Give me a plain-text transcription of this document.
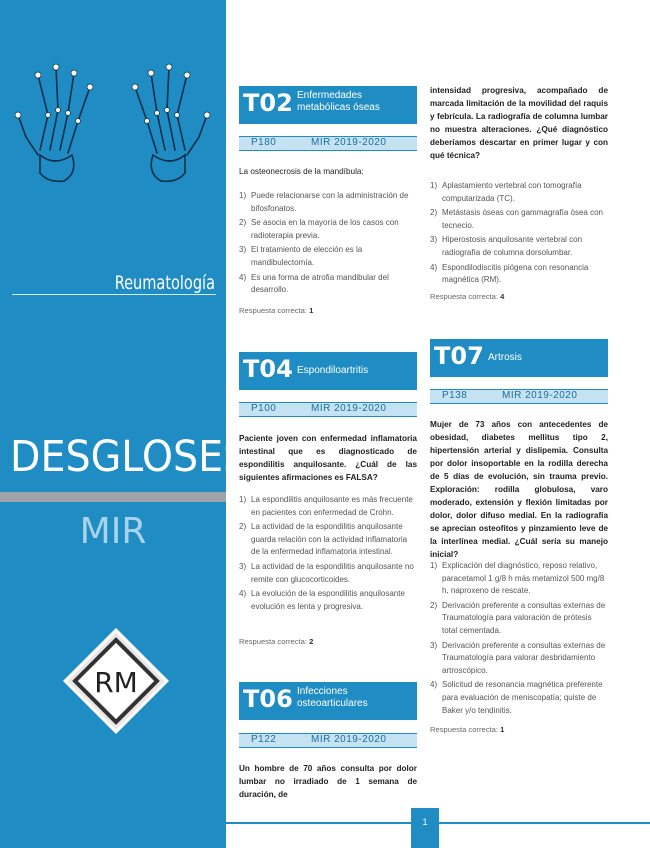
Reumatología
DESGLOSES
MIR
RM
T02 Enfermedades metabólicas óseas
P180	MIR 2019-2020
La osteonecrosis de la mandíbula:
1) Puede relacionarse con la administración de bifosfonatos.
2) Se asocia en la mayoría de los casos con radioterapia previa.
3) El tratamiento de elección es la mandibulectomía.
4) Es una forma de atrofia mandibular del desarrollo.
Respuesta correcta: 1
T04 Espondiloartritis
P100	MIR 2019-2020
Paciente joven con enfermedad inflamatoria intestinal que es diagnosticado de espondilitis anquilosante. ¿Cuál de las siguientes afirmaciones es FALSA?
1) La espondilitis anquilosante es más frecuente en pacientes con enfermedad de Crohn.
2) La actividad de la espondilitis anquilosante guarda relación con la actividad inflamatoria de la enfermedad inflamatoria intestinal.
3) La actividad de la espondilitis anquilosante no remite con glucocorticoides.
4) La evolución de la espondilitis anquilosante evolución es lenta y progresiva.
Respuesta correcta: 2
T06 Infecciones osteoarticulares
P122	MIR 2019-2020
Un hombre de 70 años consulta por dolor lumbar no irradiado de 1 semana de duración, de
intensidad progresiva, acompañado de marcada limitación de la movilidad del raquis y febrícula. La radiografía de columna lumbar no muestra alteraciones. ¿Qué diagnóstico deberíamos descartar en primer lugar y con qué técnica?
1) Aplastamiento vertebral con tomografía computarizada (TC).
2) Metástasis óseas con gammagrafía ósea con tecnecio.
3) Hiperostosis anquilosante vertebral con radiografía de columna dorsolumbar.
4) Espondilodiscitis piógena con resonancia magnética (RM).
Respuesta correcta: 4
T07 Artrosis
P138	MIR 2019-2020
Mujer de 73 años con antecedentes de obesidad, diabetes mellitus tipo 2, hipertensión arterial y dislipemia. Consulta por dolor insoportable en la rodilla derecha de 5 días de evolución, sin trauma previo. Exploración: rodilla globulosa, varo moderado, extensión y flexión limitadas por dolor, dolor difuso medial. En la radiografía se aprecian osteofitos y pinzamiento leve de la interlínea medial. ¿Cuál sería su manejo inicial?
1) Explicación del diagnóstico, reposo relativo, paracetamol 1 g/8 h más metamizol 500 mg/8 h, naproxeno de rescate.
2) Derivación preferente a consultas externas de Traumatología para valoración de prótesis total cementada.
3) Derivación preferente a consultas externas de Traumatología para valorar desbridamiento artroscópico.
4) Solicitud de resonancia magnética preferente para evaluación de meniscopatía; quiste de Baker y/o tendinitis.
Respuesta correcta: 1
1
